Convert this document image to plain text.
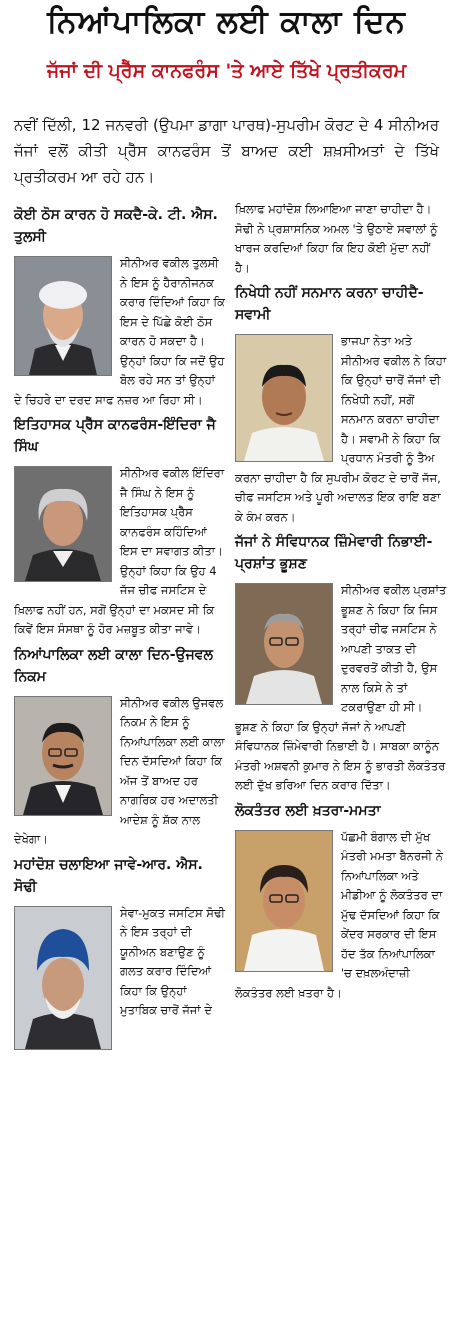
ਨਿਆਂਪਾਲਿਕਾ ਲਈ ਕਾਲਾ ਦਿਨ
ਜੱਜਾਂ ਦੀ ਪ੍ਰੈੱਸ ਕਾਨਫਰੰਸ 'ਤੇ ਆਏ ਤਿੱਖੇ ਪ੍ਰਤੀਕਰਮ

ਨਵੀਂ ਦਿੱਲੀ, 12 ਜਨਵਰੀ (ਉਪਮਾ ਡਾਗਾ ਪਾਰਥ)-ਸੁਪਰੀਮ ਕੋਰਟ ਦੇ 4 ਸੀਨੀਅਰ ਜੱਜਾਂ ਵਲੋਂ ਕੀਤੀ ਪ੍ਰੈੱਸ ਕਾਨਫਰੰਸ ਤੋਂ ਬਾਅਦ ਕਈ ਸ਼ਖ਼ਸੀਅਤਾਂ ਦੇ ਤਿੱਖੇ ਪ੍ਰਤੀਕਰਮ ਆ ਰਹੇ ਹਨ।

ਕੋਈ ਠੋਸ ਕਾਰਨ ਹੋ ਸਕਦੈ-ਕੇ. ਟੀ. ਐਸ. ਤੁਲਸੀ

ਸੀਨੀਅਰ ਵਕੀਲ ਤੁਲਸੀ ਨੇ ਇਸ ਨੂੰ ਹੈਰਾਨੀਜਨਕ ਕਰਾਰ ਦਿੰਦਿਆਂ ਕਿਹਾ ਕਿ ਇਸ ਦੇ ਪਿੱਛੇ ਕੋਈ ਠੋਸ ਕਾਰਨ ਹੋ ਸਕਦਾ ਹੈ। ਉਨ੍ਹਾਂ ਕਿਹਾ ਕਿ ਜਦੋਂ ਉਹ ਬੋਲ ਰਹੇ ਸਨ ਤਾਂ ਉਨ੍ਹਾਂ ਦੇ ਚਿਹਰੇ ਦਾ ਦਰਦ ਸਾਫ ਨਜ਼ਰ ਆ ਰਿਹਾ ਸੀ।

ਇਤਿਹਾਸਕ ਪ੍ਰੈੱਸ ਕਾਨਫਰੰਸ-ਇੰਦਿਰਾ ਜੈ ਸਿੰਘ

ਸੀਨੀਅਰ ਵਕੀਲ ਇੰਦਿਰਾ ਜੈ ਸਿੰਘ ਨੇ ਇਸ ਨੂੰ ਇਤਿਹਾਸਕ ਪ੍ਰੈੱਸ ਕਾਨਫਰੰਸ ਕਹਿੰਦਿਆਂ ਇਸ ਦਾ ਸਵਾਗਤ ਕੀਤਾ। ਉਨ੍ਹਾਂ ਕਿਹਾ ਕਿ ਉਹ 4 ਜੱਜ ਚੀਫ ਜਸਟਿਸ ਦੇ ਖ਼ਿਲਾਫ ਨਹੀਂ ਹਨ, ਸਗੋਂ ਉਨ੍ਹਾਂ ਦਾ ਮਕਸਦ ਸੀ ਕਿ ਕਿਵੇਂ ਇਸ ਸੰਸਥਾ ਨੂੰ ਹੋਰ ਮਜ਼ਬੂਤ ਕੀਤਾ ਜਾਵੇ।

ਨਿਆਂਪਾਲਿਕਾ ਲਈ ਕਾਲਾ ਦਿਨ-ਉਜਵਲ ਨਿਕਮ

ਸੀਨੀਅਰ ਵਕੀਲ ਉਜਵਲ ਨਿਕਮ ਨੇ ਇਸ ਨੂੰ ਨਿਆਂਪਾਲਿਕਾ ਲਈ ਕਾਲਾ ਦਿਨ ਦੱਸਦਿਆਂ ਕਿਹਾ ਕਿ ਅੱਜ ਤੋਂ ਬਾਅਦ ਹਰ ਨਾਗਰਿਕ ਹਰ ਅਦਾਲਤੀ ਆਦੇਸ਼ ਨੂੰ ਸ਼ੱਕ ਨਾਲ ਦੇਖੇਗਾ।

ਮਹਾਂਦੋਸ਼ ਚਲਾਇਆ ਜਾਵੇ-ਆਰ. ਐਸ. ਸੋਢੀ

ਸੇਵਾ-ਮੁਕਤ ਜਸਟਿਸ ਸੋਢੀ ਨੇ ਇਸ ਤਰ੍ਹਾਂ ਦੀ ਯੂਨੀਅਨ ਬਣਾਉਣ ਨੂੰ ਗਲਤ ਕਰਾਰ ਦਿੰਦਿਆਂ ਕਿਹਾ ਕਿ ਉਨ੍ਹਾਂ ਮੁਤਾਬਿਕ ਚਾਰੋਂ ਜੱਜਾਂ ਦੇ

ਖ਼ਿਲਾਫ ਮਹਾਂਦੋਸ਼ ਲਿਆਇਆ ਜਾਣਾ ਚਾਹੀਦਾ ਹੈ। ਸੋਢੀ ਨੇ ਪ੍ਰਸ਼ਾਸਨਿਕ ਅਮਲ 'ਤੇ ਉਠਾਏ ਸਵਾਲਾਂ ਨੂੰ ਖਾਰਜ ਕਰਦਿਆਂ ਕਿਹਾ ਕਿ ਇਹ ਕੋਈ ਮੁੱਦਾ ਨਹੀਂ ਹੈ।

ਨਿਖੇਧੀ ਨਹੀਂ ਸਨਮਾਨ ਕਰਨਾ ਚਾਹੀਦੈ-ਸਵਾਮੀ

ਭਾਜਪਾ ਨੇਤਾ ਅਤੇ ਸੀਨੀਅਰ ਵਕੀਲ ਨੇ ਕਿਹਾ ਕਿ ਉਨ੍ਹਾਂ ਚਾਰੋਂ ਜੱਜਾਂ ਦੀ ਨਿਖੇਧੀ ਨਹੀਂ, ਸਗੋਂ ਸਨਮਾਨ ਕਰਨਾ ਚਾਹੀਦਾ ਹੈ। ਸਵਾਮੀ ਨੇ ਕਿਹਾ ਕਿ ਪ੍ਰਧਾਨ ਮੰਤਰੀ ਨੂੰ ਤੈਅ ਕਰਨਾ ਚਾਹੀਦਾ ਹੈ ਕਿ ਸੁਪਰੀਮ ਕੋਰਟ ਦੇ ਚਾਰੋਂ ਜੱਜ, ਚੀਫ ਜਸਟਿਸ ਅਤੇ ਪੂਰੀ ਅਦਾਲਤ ਇਕ ਰਾਇ ਬਣਾ ਕੇ ਕੰਮ ਕਰਨ।

ਜੱਜਾਂ ਨੇ ਸੰਵਿਧਾਨਕ ਜ਼ਿੰਮੇਵਾਰੀ ਨਿਭਾਈ-ਪ੍ਰਸ਼ਾਂਤ ਭੂਸ਼ਣ

ਸੀਨੀਅਰ ਵਕੀਲ ਪ੍ਰਸ਼ਾਂਤ ਭੂਸ਼ਣ ਨੇ ਕਿਹਾ ਕਿ ਜਿਸ ਤਰ੍ਹਾਂ ਚੀਫ ਜਸਟਿਸ ਨੇ ਆਪਣੀ ਤਾਕਤ ਦੀ ਦੁਰਵਰਤੋਂ ਕੀਤੀ ਹੈ, ਉਸ ਨਾਲ ਕਿਸੇ ਨੇ ਤਾਂ ਟਕਰਾਉਣਾ ਹੀ ਸੀ। ਭੂਸ਼ਣ ਨੇ ਕਿਹਾ ਕਿ ਉਨ੍ਹਾਂ ਜੱਜਾਂ ਨੇ ਆਪਣੀ ਸੰਵਿਧਾਨਕ ਜ਼ਿੰਮੇਵਾਰੀ ਨਿਭਾਈ ਹੈ। ਸਾਬਕਾ ਕਾਨੂੰਨ ਮੰਤਰੀ ਅਸ਼ਵਨੀ ਕੁਮਾਰ ਨੇ ਇਸ ਨੂੰ ਭਾਰਤੀ ਲੋਕਤੰਤਰ ਲਈ ਦੁੱਖ ਭਰਿਆ ਦਿਨ ਕਰਾਰ ਦਿੱਤਾ।

ਲੋਕਤੰਤਰ ਲਈ ਖ਼ਤਰਾ-ਮਮਤਾ

ਪੱਛਮੀ ਬੰਗਾਲ ਦੀ ਮੁੱਖ ਮੰਤਰੀ ਮਮਤਾ ਬੈਨਰਜੀ ਨੇ ਨਿਆਂਪਾਲਿਕਾ ਅਤੇ ਮੀਡੀਆ ਨੂੰ ਲੋਕਤੰਤਰ ਦਾ ਮੁੱਢ ਦੱਸਦਿਆਂ ਕਿਹਾ ਕਿ ਕੇਂਦਰ ਸਰਕਾਰ ਦੀ ਇਸ ਹੱਦ ਤੱਕ ਨਿਆਂਪਾਲਿਕਾ 'ਚ ਦਖ਼ਲਅੰਦਾਜ਼ੀ ਲੋਕਤੰਤਰ ਲਈ ਖ਼ਤਰਾ ਹੈ।
